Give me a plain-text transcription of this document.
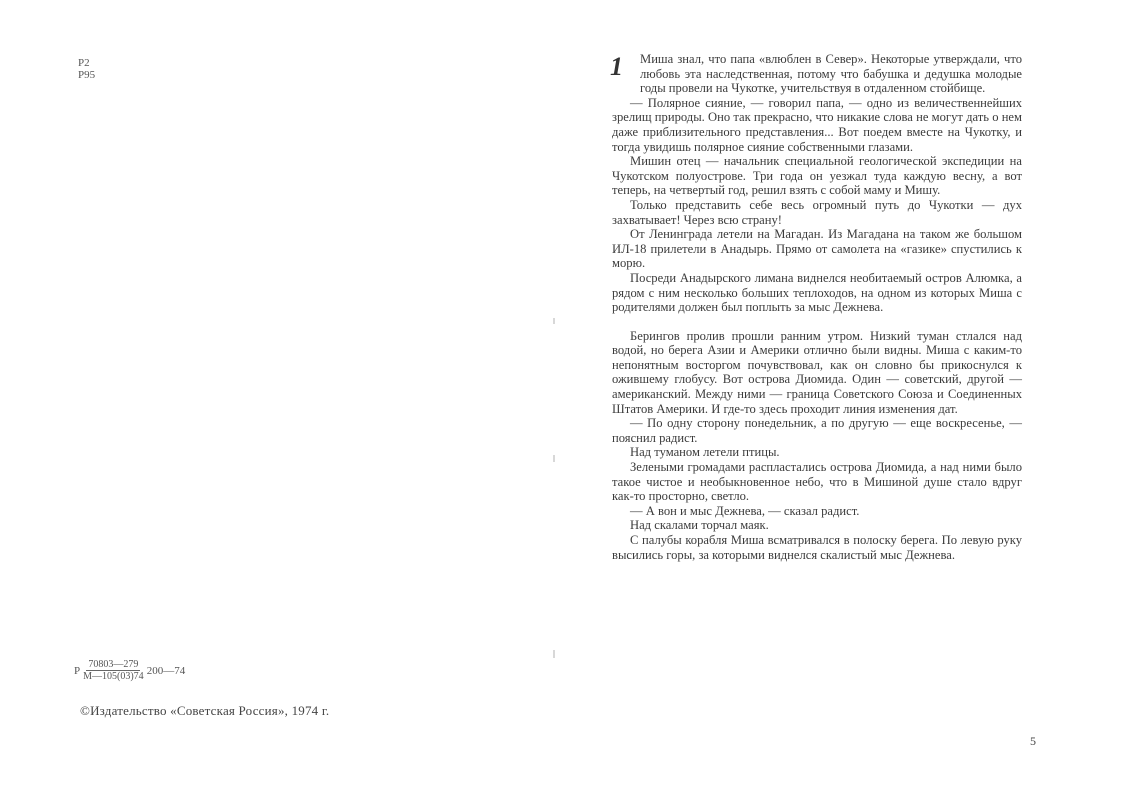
Р2
Р95
Р $\frac{70803—279}{М—105(03)74}$ 200—74
©Издательство «Советская Россия», 1974 г.

1 Миша знал, что папа «влюблен в Север». Некоторые утверждали, что любовь эта наследственная, потому что бабушка и дедушка молодые годы провели на Чукотке, учительствуя в отдаленном стойбище.

— Полярное сияние, — говорил папа, — одно из величественнейших зрелищ природы. Оно так прекрасно, что никакие слова не могут дать о нем даже приблизительного представления... Вот поедем вместе на Чукотку, и тогда увидишь полярное сияние собственными глазами.

Мишин отец — начальник специальной геологической экспедиции на Чукотском полуострове. Три года он уезжал туда каждую весну, а вот теперь, на четвертый год, решил взять с собой маму и Мишу.

Только представить себе весь огромный путь до Чукотки — дух захватывает! Через всю страну!

От Ленинграда летели на Магадан. Из Магадана на таком же большом ИЛ-18 прилетели в Анадырь. Прямо от самолета на «газике» спустились к морю.

Посреди Анадырского лимана виднелся необитаемый остров Алюмка, а рядом с ним несколько больших теплоходов, на одном из которых Миша с родителями должен был поплыть за мыс Дежнева.

Берингов пролив прошли ранним утром. Низкий туман стлался над водой, но берега Азии и Америки отлично были видны. Миша с каким-то непонятным восторгом почувствовал, как он словно бы прикоснулся к ожившему глобусу. Вот острова Диомида. Один — советский, другой — американский. Между ними — граница Советского Союза и Соединенных Штатов Америки. И где-то здесь проходит линия изменения дат.

— По одну сторону понедельник, а по другую — еще воскресенье, — пояснил радист.

Над туманом летели птицы.

Зелеными громадами распластались острова Диомида, а над ними было такое чистое и необыкновенное небо, что в Мишиной душе стало вдруг как-то просторно, светло.

— А вон и мыс Дежнева, — сказал радист.

Над скалами торчал маяк.

С палубы корабля Миша всматривался в полоску берега. По левую руку высились горы, за которыми виднелся скалистый мыс Дежнева.

5
